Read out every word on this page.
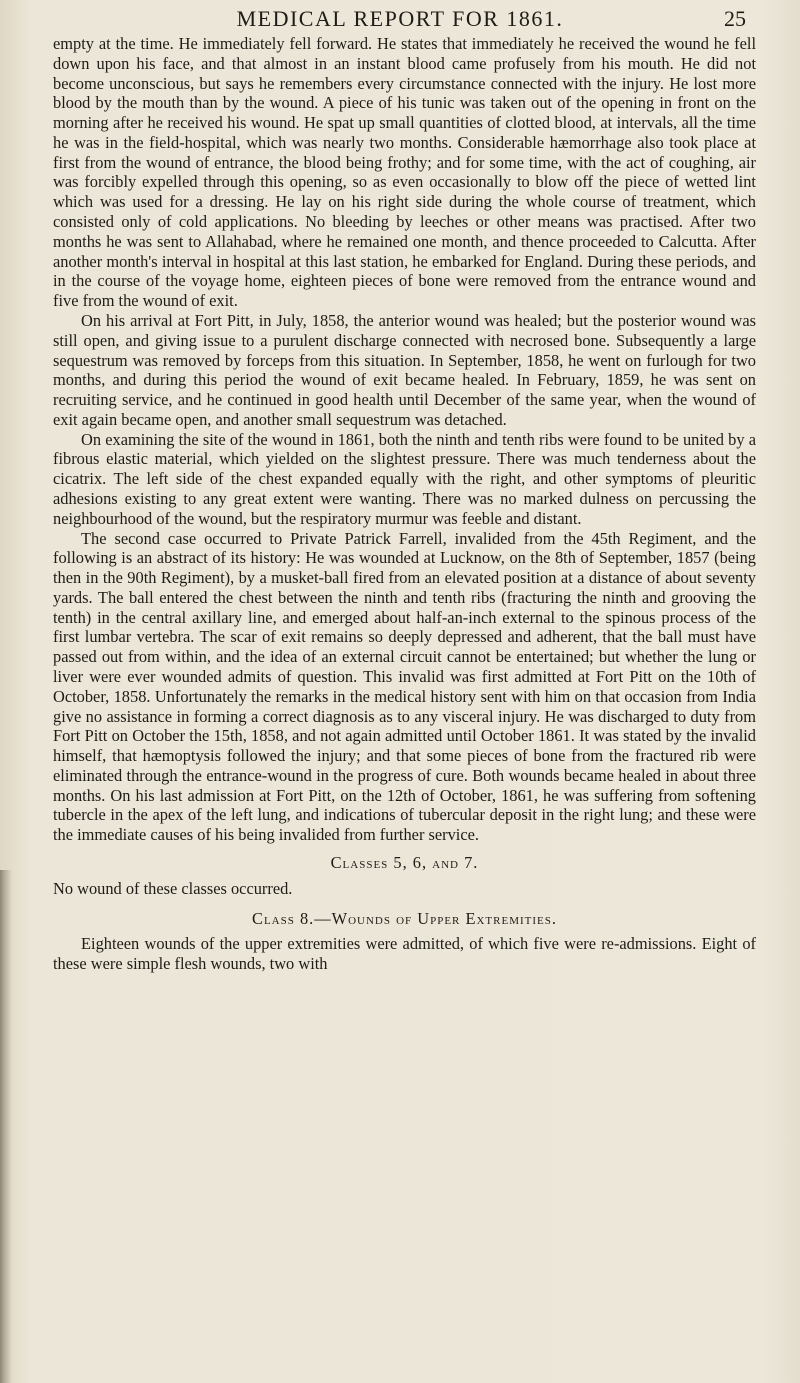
MEDICAL REPORT FOR 1861.	25

empty at the time. He immediately fell forward. He states that immediately he received the wound he fell down upon his face, and that almost in an instant blood came profusely from his mouth. He did not become unconscious, but says he remembers every circumstance connected with the injury. He lost more blood by the mouth than by the wound. A piece of his tunic was taken out of the opening in front on the morning after he received his wound. He spat up small quantities of clotted blood, at intervals, all the time he was in the field-hospital, which was nearly two months. Considerable hæmorrhage also took place at first from the wound of entrance, the blood being frothy; and for some time, with the act of coughing, air was forcibly expelled through this opening, so as even occasionally to blow off the piece of wetted lint which was used for a dressing. He lay on his right side during the whole course of treatment, which consisted only of cold applications. No bleeding by leeches or other means was practised. After two months he was sent to Allahabad, where he remained one month, and thence proceeded to Calcutta. After another month's interval in hospital at this last station, he embarked for England. During these periods, and in the course of the voyage home, eighteen pieces of bone were removed from the entrance wound and five from the wound of exit.

On his arrival at Fort Pitt, in July, 1858, the anterior wound was healed; but the posterior wound was still open, and giving issue to a purulent discharge connected with necrosed bone. Subsequently a large sequestrum was removed by forceps from this situation. In September, 1858, he went on furlough for two months, and during this period the wound of exit became healed. In February, 1859, he was sent on recruiting service, and he continued in good health until December of the same year, when the wound of exit again became open, and another small sequestrum was detached.

On examining the site of the wound in 1861, both the ninth and tenth ribs were found to be united by a fibrous elastic material, which yielded on the slightest pressure. There was much tenderness about the cicatrix. The left side of the chest expanded equally with the right, and other symptoms of pleuritic adhesions existing to any great extent were wanting. There was no marked dulness on percussing the neighbourhood of the wound, but the respiratory murmur was feeble and distant.

The second case occurred to Private Patrick Farrell, invalided from the 45th Regiment, and the following is an abstract of its history: He was wounded at Lucknow, on the 8th of September, 1857 (being then in the 90th Regiment), by a musket-ball fired from an elevated position at a distance of about seventy yards. The ball entered the chest between the ninth and tenth ribs (fracturing the ninth and grooving the tenth) in the central axillary line, and emerged about half-an-inch external to the spinous process of the first lumbar vertebra. The scar of exit remains so deeply depressed and adherent, that the ball must have passed out from within, and the idea of an external circuit cannot be entertained; but whether the lung or liver were ever wounded admits of question. This invalid was first admitted at Fort Pitt on the 10th of October, 1858. Unfortunately the remarks in the medical history sent with him on that occasion from India give no assistance in forming a correct diagnosis as to any visceral injury. He was discharged to duty from Fort Pitt on October the 15th, 1858, and not again admitted until October 1861. It was stated by the invalid himself, that hæmoptysis followed the injury; and that some pieces of bone from the fractured rib were eliminated through the entrance-wound in the progress of cure. Both wounds became healed in about three months. On his last admission at Fort Pitt, on the 12th of October, 1861, he was suffering from softening tubercle in the apex of the left lung, and indications of tubercular deposit in the right lung; and these were the immediate causes of his being invalided from further service.

Classes 5, 6, and 7.

No wound of these classes occurred.

Class 8.—Wounds of Upper Extremities.

Eighteen wounds of the upper extremities were admitted, of which five were re-admissions. Eight of these were simple flesh wounds, two with
